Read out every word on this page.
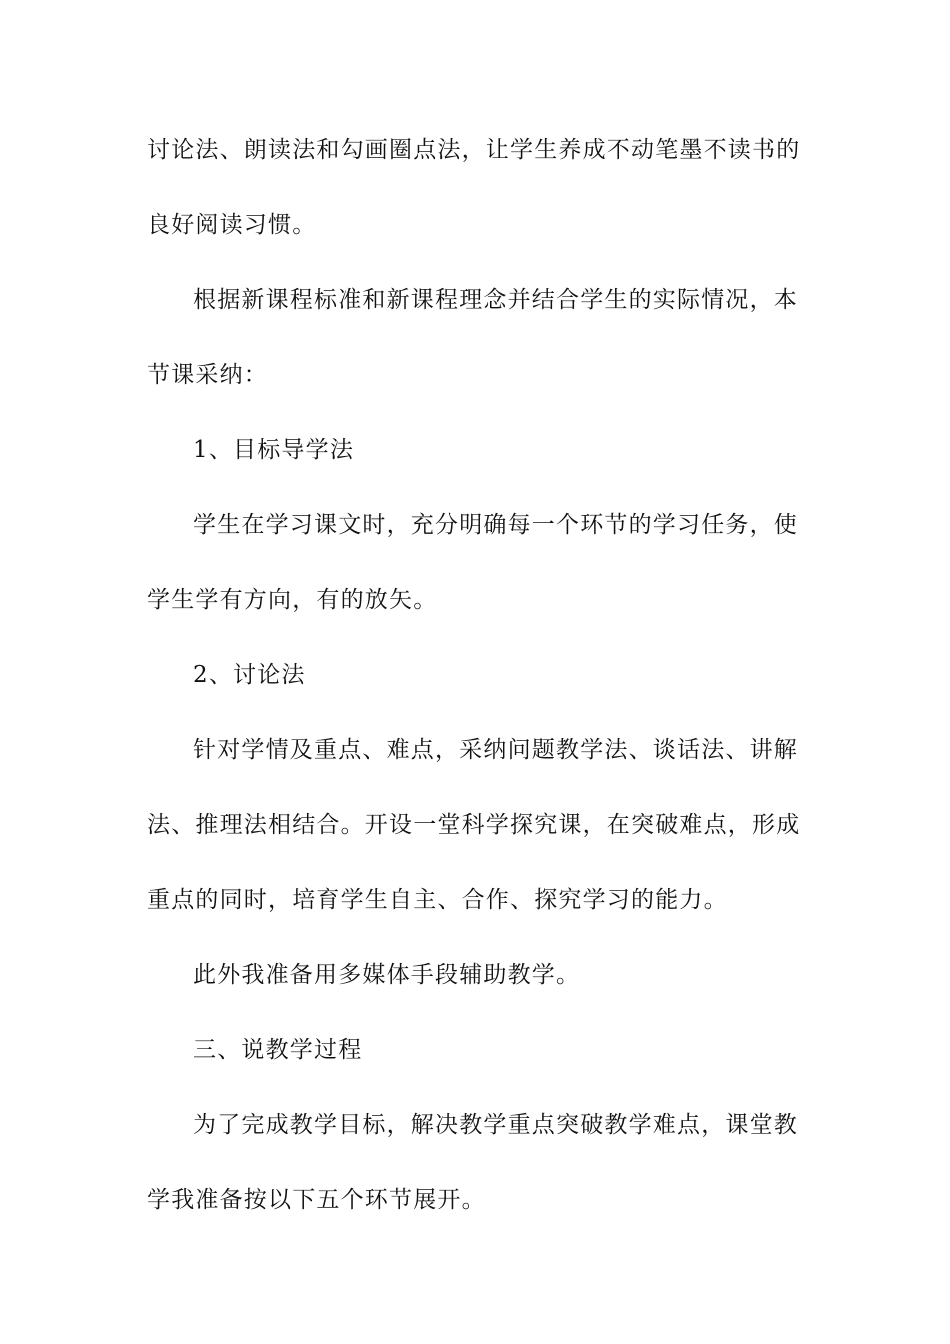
讨论法、朗读法和勾画圈点法，让学生养成不动笔墨不读书的
良好阅读习惯。
根据新课程标准和新课程理念并结合学生的实际情况，本
节课采纳：
1、目标导学法
学生在学习课文时，充分明确每一个环节的学习任务，使
学生学有方向，有的放矢。
2、讨论法
针对学情及重点、难点，采纳问题教学法、谈话法、讲解
法、推理法相结合。开设一堂科学探究课，在突破难点，形成
重点的同时，培育学生自主、合作、探究学习的能力。
此外我准备用多媒体手段辅助教学。
三、说教学过程
为了完成教学目标，解决教学重点突破教学难点，课堂教
学我准备按以下五个环节展开。
